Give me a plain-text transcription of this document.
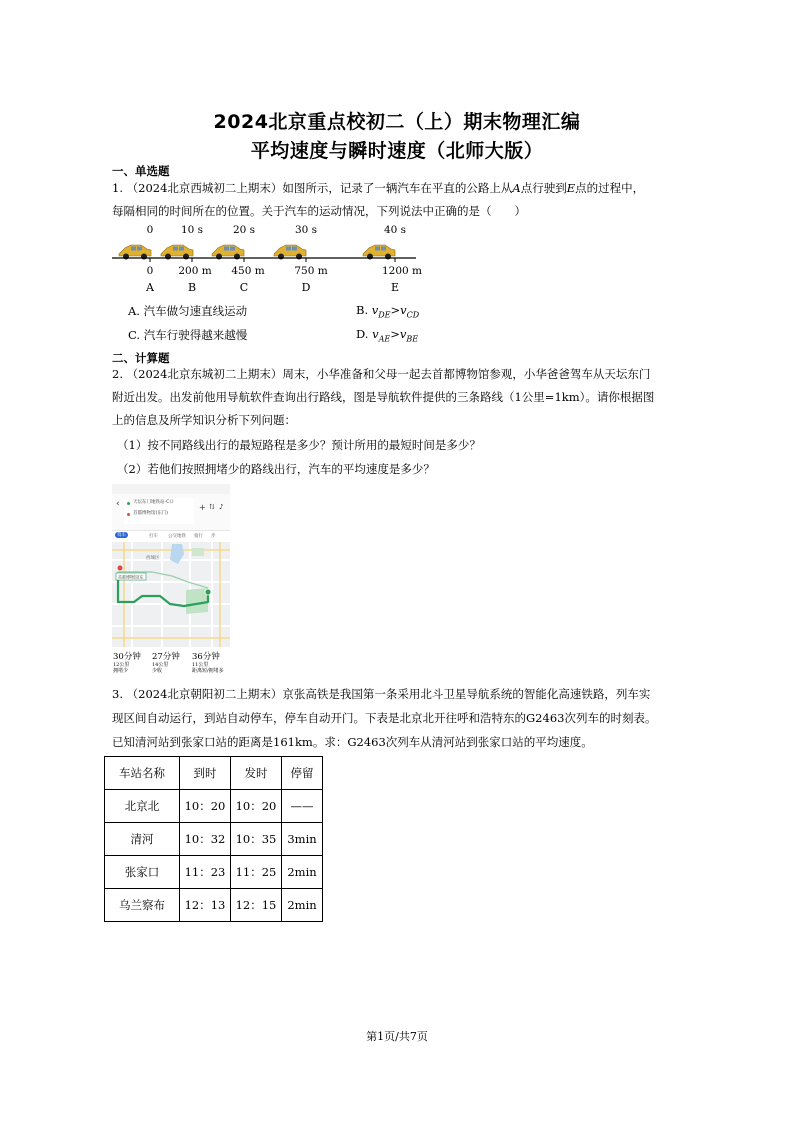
2024北京重点校初二（上）期末物理汇编
平均速度与瞬时速度（北师大版）
一、单选题
1. （2024北京西城初二上期末）如图所示，记录了一辆汽车在平直的公路上从A点行驶到E点的过程中，
每隔相同的时间所在的位置。关于汽车的运动情况，下列说法中正确的是（　　）
0	10 s	20 s	30 s	40 s
0 200 m 450 m	750 m	1200 m
A	B	C	D	E
A. 汽车做匀速直线运动	B. $v_{DE}>v_{CD}$
C. 汽车行驶得越来越慢	D. $v_{AE}>v_{BE}$
二、计算题
2. （2024北京东城初二上期末）周末，小华准备和父母一起去首都博物馆参观，小华爸爸驾车从天坛东门
附近出发。出发前他用导航软件查询出行路线，图是导航软件提供的三条路线（1公里=1km）。请你根据图
上的信息及所学知识分析下列问题：
（1）按不同路线出行的最短路程是多少？预计所用的最短时间是多少？
（2）若他们按照拥堵少的路线出行，汽车的平均速度是多少？
‹	天坛东门地铁站-C口
首都博物馆(东门)
+ ⇅ ♪
驾车	打车 公交地铁 骑行 步
西城区
首都博物馆(东
30分钟
12公里
拥堵少
27分钟
14公里
少收
36分钟
11公里
距离短/拥堵多
3. （2024北京朝阳初二上期末）京张高铁是我国第一条采用北斗卫星导航系统的智能化高速铁路，列车实
现区间自动运行，到站自动停车，停车自动开门。下表是北京北开往呼和浩特东的G2463次列车的时刻表。
已知清河站到张家口站的距离是161km。求：G2463次列车从清河站到张家口站的平均速度。
车站名称	到时	发时	停留
北京北	10：20	10：20	——
清河	10：32	10：35	3min
张家口	11：23	11：25	2min
乌兰察布	12：13	12：15	2min
第1页/共7页
